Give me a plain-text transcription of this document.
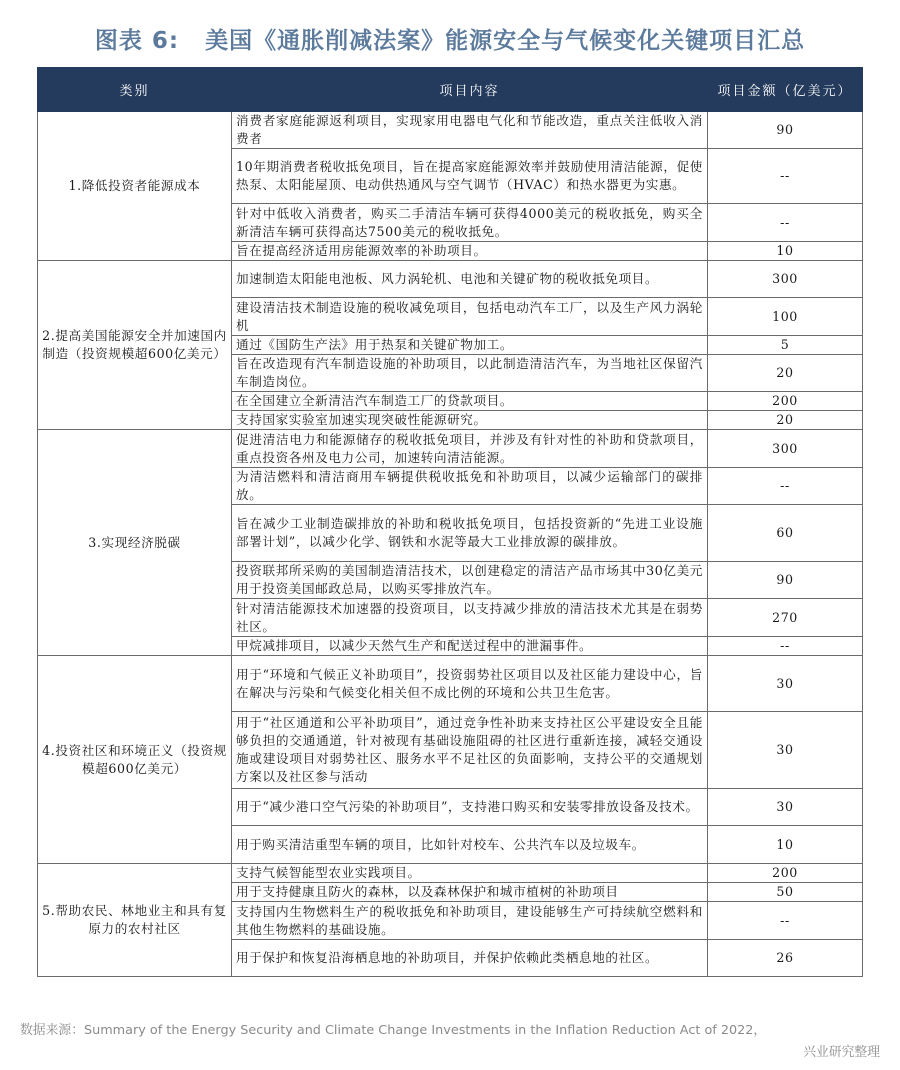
图表 6: 美国《通胀削减法案》能源安全与气候变化关键项目汇总
类别	项目内容	项目金额（亿美元）
1.降低投资者能源成本	消费者家庭能源返利项目，实现家用电器电气化和节能改造，重点关注低收入消费者	90
	10年期消费者税收抵免项目，旨在提高家庭能源效率并鼓励使用清洁能源，促使热泵、太阳能屋顶、电动供热通风与空气调节（HVAC）和热水器更为实惠。	--
	针对中低收入消费者，购买二手清洁车辆可获得4000美元的税收抵免，购买全新清洁车辆可获得高达7500美元的税收抵免。	--
	旨在提高经济适用房能源效率的补助项目。	10
2.提高美国能源安全并加速国内制造（投资规模超600亿美元）	加速制造太阳能电池板、风力涡轮机、电池和关键矿物的税收抵免项目。	300
	建设清洁技术制造设施的税收减免项目，包括电动汽车工厂，以及生产风力涡轮机	100
	通过《国防生产法》用于热泵和关键矿物加工。	5
	旨在改造现有汽车制造设施的补助项目，以此制造清洁汽车，为当地社区保留汽车制造岗位。	20
	在全国建立全新清洁汽车制造工厂的贷款项目。	200
	支持国家实验室加速实现突破性能源研究。	20
3.实现经济脱碳	促进清洁电力和能源储存的税收抵免项目，并涉及有针对性的补助和贷款项目，重点投资各州及电力公司，加速转向清洁能源。	300
	为清洁燃料和清洁商用车辆提供税收抵免和补助项目，以减少运输部门的碳排放。	--
	旨在减少工业制造碳排放的补助和税收抵免项目，包括投资新的“先进工业设施部署计划”，以减少化学、钢铁和水泥等最大工业排放源的碳排放。	60
	投资联邦所采购的美国制造清洁技术，以创建稳定的清洁产品市场其中30亿美元用于投资美国邮政总局，以购买零排放汽车。	90
	针对清洁能源技术加速器的投资项目，以支持减少排放的清洁技术尤其是在弱势社区。	270
	甲烷减排项目，以减少天然气生产和配送过程中的泄漏事件。	--
4.投资社区和环境正义（投资规模超600亿美元）	用于“环境和气候正义补助项目”，投资弱势社区项目以及社区能力建设中心，旨在解决与污染和气候变化相关但不成比例的环境和公共卫生危害。	30
	用于“社区通道和公平补助项目”，通过竞争性补助来支持社区公平建设安全且能够负担的交通通道，针对被现有基础设施阻碍的社区进行重新连接，减轻交通设施或建设项目对弱势社区、服务水平不足社区的负面影响，支持公平的交通规划方案以及社区参与活动	30
	用于“减少港口空气污染的补助项目”，支持港口购买和安装零排放设备及技术。	30
	用于购买清洁重型车辆的项目，比如针对校车、公共汽车以及垃圾车。	10
5.帮助农民、林地业主和具有复原力的农村社区	支持气候智能型农业实践项目。	200
	用于支持健康且防火的森林，以及森林保护和城市植树的补助项目	50
	支持国内生物燃料生产的税收抵免和补助项目，建设能够生产可持续航空燃料和其他生物燃料的基础设施。	--
	用于保护和恢复沿海栖息地的补助项目，并保护依赖此类栖息地的社区。	26
数据来源：Summary of the Energy Security and Climate Change Investments in the Inflation Reduction Act of 2022，
兴业研究整理
